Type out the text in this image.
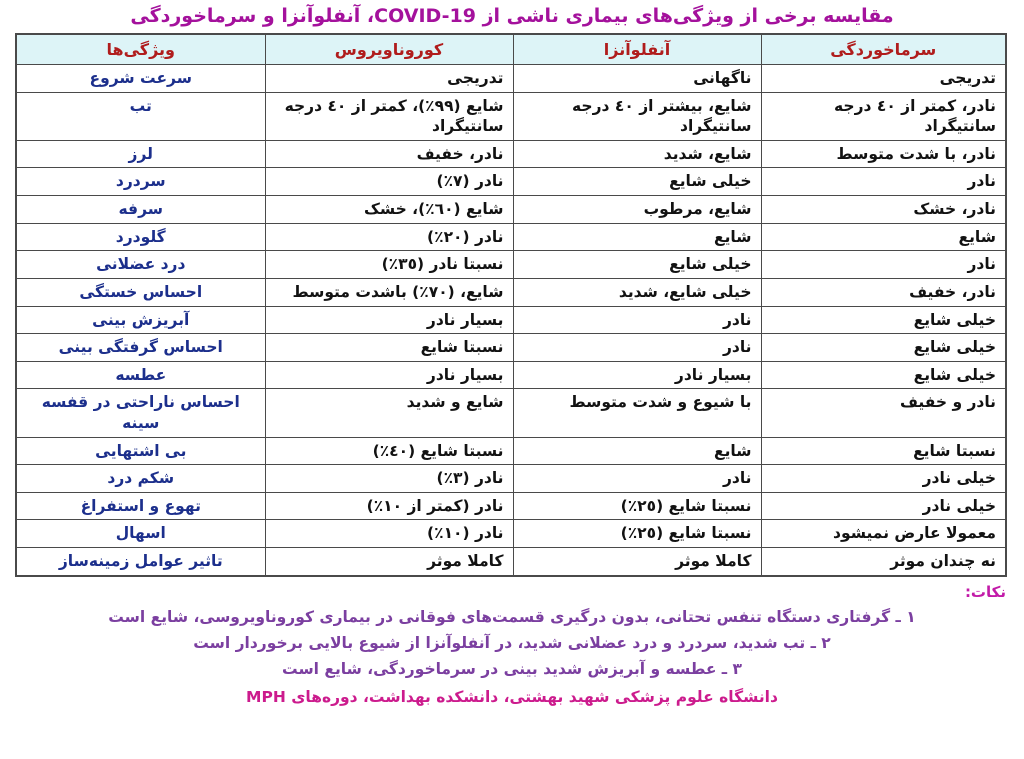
مقایسه برخی از ویژگی‌های بیماری ناشی از COVID-19، آنفلوآنزا و سرماخوردگی
سرماخوردگی	آنفلوآنزا	کوروناویروس	ویژگی‌ها
تدریجی	ناگهانی	تدریجی	سرعت شروع
نادر، کمتر از ٤٠ درجه سانتیگراد	شایع، بیشتر از ٤٠ درجه سانتیگراد	شایع (٩٩٪)، کمتر از ٤٠ درجه سانتیگراد	تب
نادر، با شدت متوسط	شایع، شدید	نادر، خفیف	لرز
نادر	خیلی شایع	نادر (٧٪)	سردرد
نادر، خشک	شایع، مرطوب	شایع (٦٠٪)، خشک	سرفه
شایع	شایع	نادر (٢٠٪)	گلودرد
نادر	خیلی شایع	نسبتا نادر (٣٥٪)	درد عضلانی
نادر، خفیف	خیلی شایع، شدید	شایع، (٧٠٪) باشدت متوسط	احساس خستگی
خیلی شایع	نادر	بسیار نادر	آبریزش بینی
خیلی شایع	نادر	نسبتا شایع	احساس گرفتگی بینی
خیلی شایع	بسیار نادر	بسیار نادر	عطسه
نادر و خفیف	با شیوع و شدت متوسط	شایع و شدید	احساس ناراحتی در قفسه سینه
نسبتا شایع	شایع	نسبتا شایع (٤٠٪)	بی اشتهایی
خیلی نادر	نادر	نادر (٣٪)	شکم درد
خیلی نادر	نسبتا شایع (٢٥٪)	نادر (کمتر از ١٠٪)	تهوع و استفراغ
معمولا عارض نمیشود	نسبتا شایع (٢٥٪)	نادر (١٠٪)	اسهال
نه چندان موثر	کاملا موثر	کاملا موثر	تاثیر عوامل زمینه‌ساز
نکات:
١ ـ گرفتاری دستگاه تنفس تحتانی، بدون درگیری قسمت‌های فوقانی در بیماری کوروناویروسی، شایع است
٢ ـ تب شدید، سردرد و درد عضلانی شدید، در آنفلوآنزا از شیوع بالایی برخوردار است
٣ ـ عطسه و آبریزش شدید بینی در سرماخوردگی، شایع است
دانشگاه علوم پزشکی شهید بهشتی، دانشکده بهداشت، دوره‌های MPH
